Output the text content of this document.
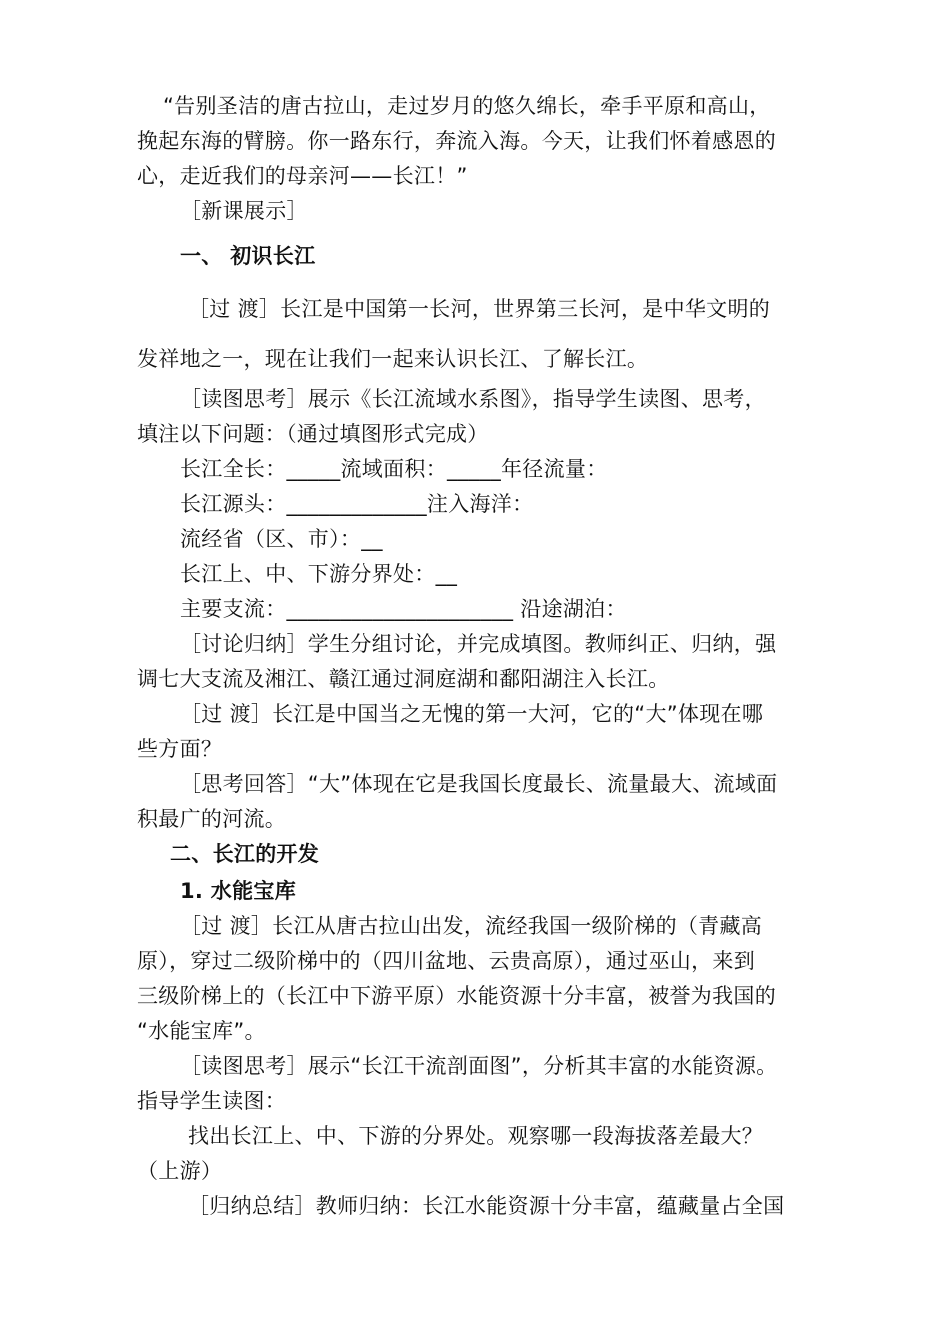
“告别圣洁的唐古拉山，走过岁月的悠久绵长，牵手平原和高山，
挽起东海的臂膀。你一路东行，奔流入海。今天，让我们怀着感恩的
心，走近我们的母亲河——长江！”
［新课展示］
一、 初识长江
［过 渡］长江是中国第一长河，世界第三长河，是中华文明的
发祥地之一，现在让我们一起来认识长江、了解长江。
［读图思考］展示《长江流域水系图》，指导学生读图、思考，
填注以下问题：（通过填图形式完成）
长江全长：_____流域面积：_____年径流量：
长江源头：_____________注入海洋：
流经省（区、市）：__
长江上、中、下游分界处：__
主要支流：_____________________ 沿途湖泊：
［讨论归纳］学生分组讨论，并完成填图。教师纠正、归纳，强
调七大支流及湘江、赣江通过洞庭湖和鄱阳湖注入长江。
［过 渡］长江是中国当之无愧的第一大河，它的“大”体现在哪
些方面？
［思考回答］“大”体现在它是我国长度最长、流量最大、流域面
积最广的河流。
二、长江的开发
1. 水能宝库
［过 渡］长江从唐古拉山出发，流经我国一级阶梯的（青藏高
原），穿过二级阶梯中的（四川盆地、云贵高原），通过巫山，来到
三级阶梯上的（长江中下游平原）水能资源十分丰富，被誉为我国的
“水能宝库”。
［读图思考］展示“长江干流剖面图”，分析其丰富的水能资源。
指导学生读图：
找出长江上、中、下游的分界处。观察哪一段海拔落差最大？
（上游）
［归纳总结］教师归纳：长江水能资源十分丰富，蕴藏量占全国
